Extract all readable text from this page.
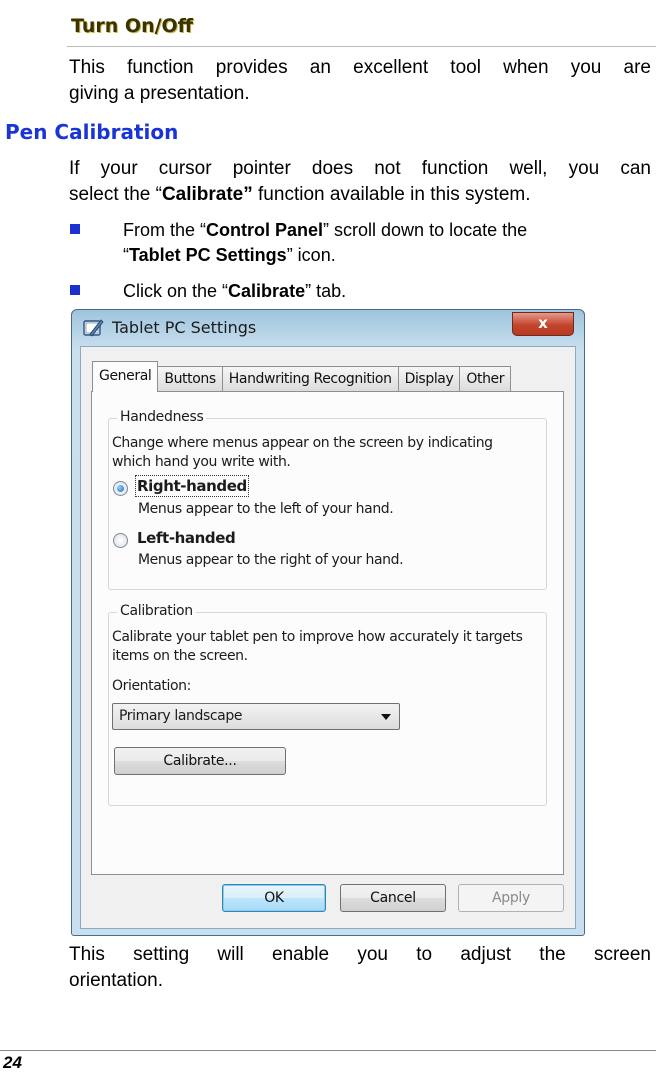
Turn On/Off
This function provides an excellent tool when you are
giving a presentation.
Pen Calibration
If your cursor pointer does not function well, you can
select the “Calibrate” function available in this system.
From the “Control Panel” scroll down to locate the
“Tablet PC Settings” icon.
Click on the “Calibrate” tab.
Tablet PC Settings	x
General Buttons Handwriting Recognition Display Other
Handedness
Change where menus appear on the screen by indicating
which hand you write with.
Right-handed
Menus appear to the left of your hand.
Left-handed
Menus appear to the right of your hand.
Calibration
Calibrate your tablet pen to improve how accurately it targets
items on the screen.
Orientation:
Primary landscape
Calibrate...
OK	Cancel	Apply
This setting will enable you to adjust the screen
orientation.
24
